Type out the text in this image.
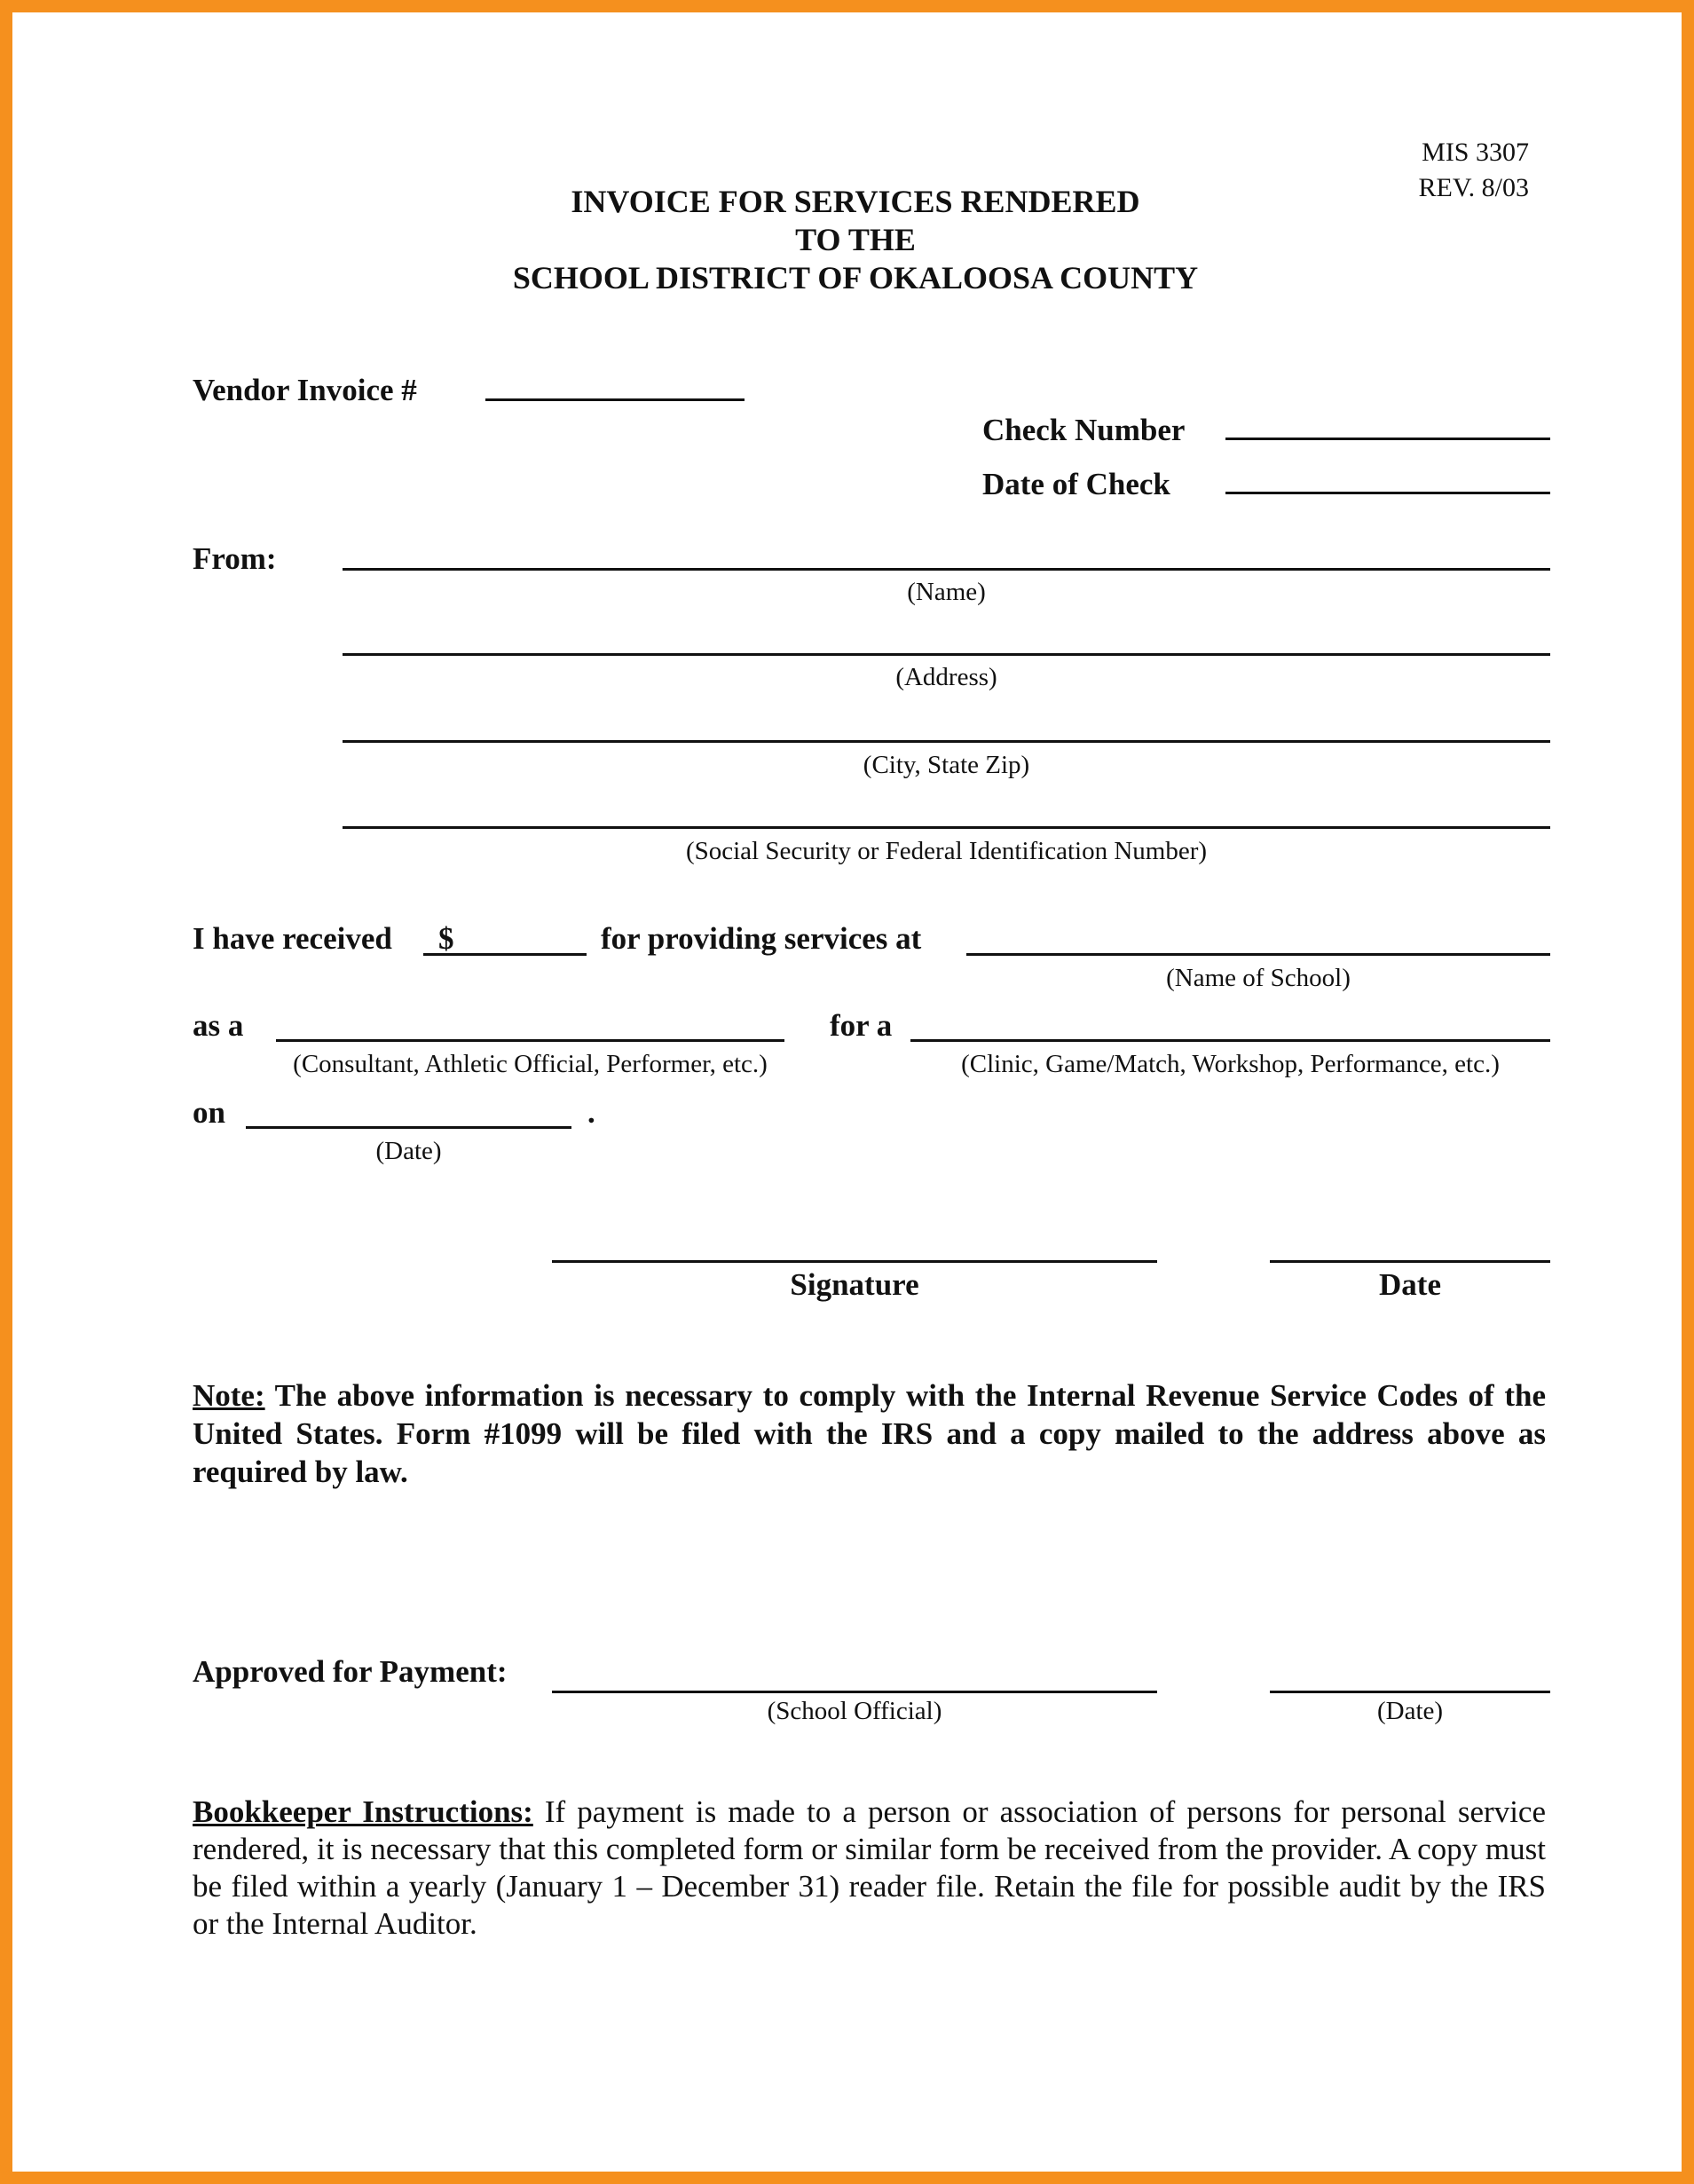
MIS 3307
REV. 8/03
INVOICE FOR SERVICES RENDERED
TO THE
SCHOOL DISTRICT OF OKALOOSA COUNTY
Vendor Invoice #
Check Number
Date of Check
From:
(Name)
(Address)
(City, State Zip)
(Social Security or Federal Identification Number)
I have received $	for providing services at
(Name of School)
as a
(Consultant, Athletic Official, Performer, etc.)
for a
(Clinic, Game/Match, Workshop, Performance, etc.)
on	.
(Date)
Signature	Date
Note: The above information is necessary to comply with the Internal Revenue Service Codes of the United States. Form #1099 will be filed with the IRS and a copy mailed to the address above as required by law.
Approved for Payment:
(School Official)	(Date)
Bookkeeper Instructions: If payment is made to a person or association of persons for personal service rendered, it is necessary that this completed form or similar form be received from the provider. A copy must be filed within a yearly (January 1 – December 31) reader file. Retain the file for possible audit by the IRS or the Internal Auditor.
